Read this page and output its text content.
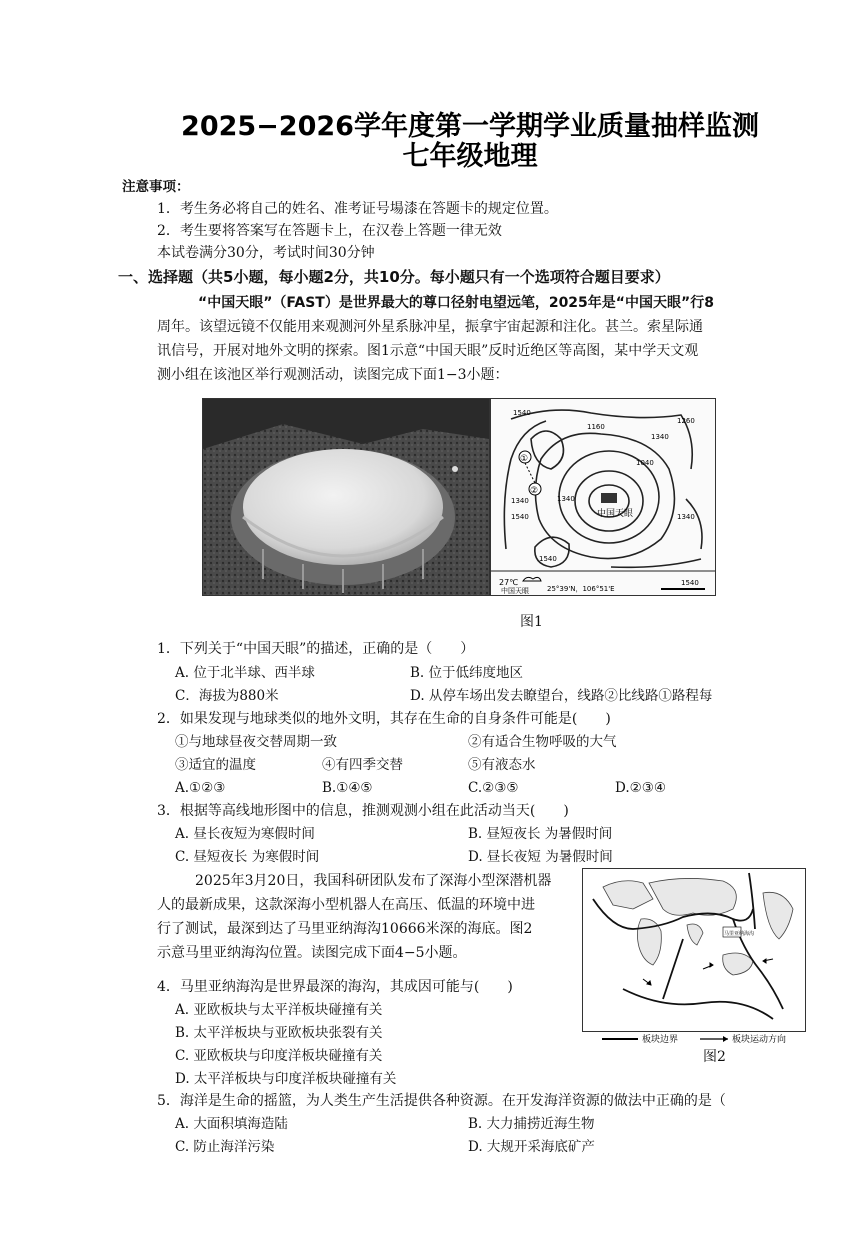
2025−2026学年度第一学期学业质量抽样监测
七年级地理
注意事项：
1．考生务必将自己的姓名、准考证号場漆在答题卡的规定位置。
2．考生要将答案写在答题卡上，在汉卷上答题一律无效
本试卷满分30分，考试时间30分钟
一、选择题（共5小题，每小题2分，共10分。每小题只有一个选项符合题目要求）
“中国天眼”（FAST）是世界最大的尊口径射电望远笔，2025年是“中国天眼”行8
周年。该望远镜不仅能用来观测河外星系脉冲星，振拿宇宙起源和注化。甚兰。索星际通
讯信号，开展对地外文明的探索。图1示意“中国天眼”反时近绝区等高图，某中学天文观
测小组在该池区举行观测活动，读图完成下面1−3小题：
中国天眼
①
②
1540
1040
1160
1340
1260
1340
1540
1540
1340
1340
27℃
中国天眼	25°39'N，106°51'E
1540
图1
1．下列关于“中国天眼”的描述，正确的是（　　）
A. 位于北半球、西半球	B. 位于低纬度地区
C．海拔为880米	D. 从停车场出发去瞭望台，线路②比线路①路程每
2．如果发现与地球类似的地外文明，其存在生命的自身条件可能是(　　)
①与地球昼夜交替周期一致	②有适合生物呼吸的大气
③适宜的温度	④有四季交替	⑤有液态水
A.①②③	B.①④⑤	C.②③⑤	D.②③④
3．根据等高线地形图中的信息，推测观测小组在此活动当天(　　)
A. 昼长夜短为寒假时间	B. 昼短夜长 为暑假时间
C. 昼短夜长 为寒假时间	D. 昼长夜短 为暑假时间
2025年3月20日，我国科研团队发布了深海小型深潜机器
人的最新成果，这款深海小型机器人在高压、低温的环境中进
行了测试，最深到达了马里亚纳海沟10666米深的海底。图2
示意马里亚纳海沟位置。读图完成下面4−5小题。
马里亚纳海沟
板块边界	板块运动方向
图2
4．马里亚纳海沟是世界最深的海沟，其成因可能与(　　)
A. 亚欧板块与太平洋板块碰撞有关
B. 太平洋板块与亚欧板块张裂有关
C. 亚欧板块与印度洋板块碰撞有关
D. 太平洋板块与印度洋板块碰撞有关
5．海洋是生命的摇篮，为人类生产生活提供各种资源。在开发海洋资源的做法中正确的是（
A. 大面积填海造陆	B. 大力捕捞近海生物
C. 防止海洋污染	D. 大规开采海底矿产
